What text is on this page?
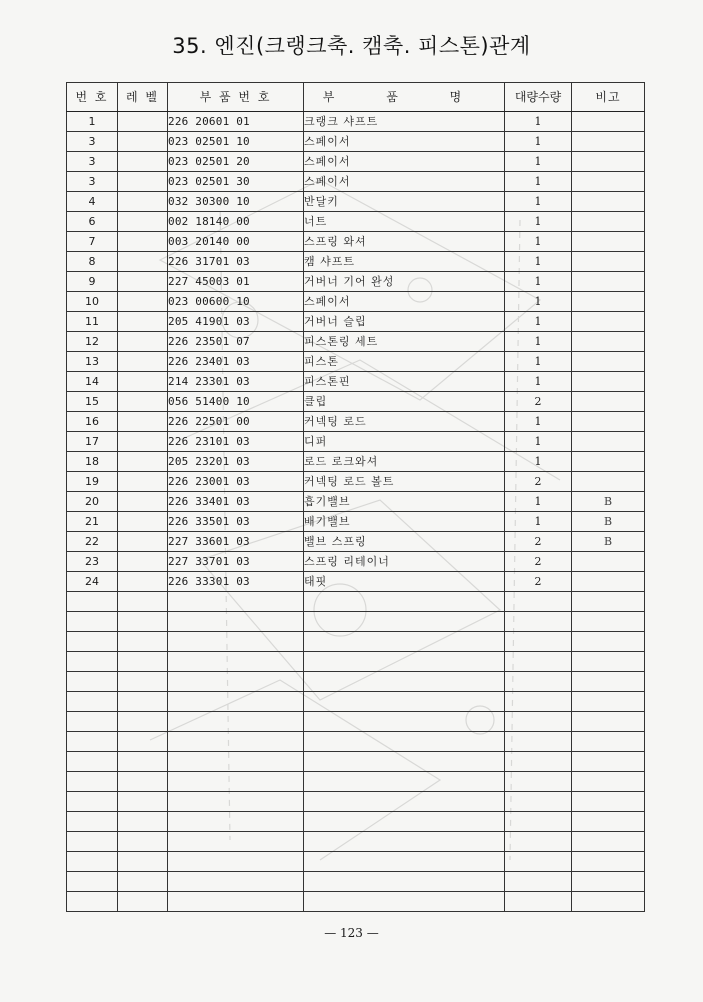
35. 엔진(크랭크축. 캠축. 피스톤)관계
번 호	레 벨	부 품 번 호	부 품 명	대량수량	비고
1		226 20601 01	크랭크 샤프트	1	
3		023 02501 10	스페이서	1	
3		023 02501 20	스페이서	1	
3		023 02501 30	스페이서	1	
4		032 30300 10	반달키	1	
6		002 18140 00	너트	1	
7		003 20140 00	스프링 와셔	1	
8		226 31701 03	캠 샤프트	1	
9		227 45003 01	거버너 기어 완성	1	
10		023 00600 10	스페이서	1	
11		205 41901 03	거버너 슬립	1	
12		226 23501 07	피스톤링 세트	1	
13		226 23401 03	피스톤	1	
14		214 23301 03	피스톤핀	1	
15		056 51400 10	클립	2	
16		226 22501 00	커넥팅 로드	1	
17		226 23101 03	디퍼	1	
18		205 23201 03	로드 로크와셔	1	
19		226 23001 03	커넥팅 로드 볼트	2	
20		226 33401 03	흡기밸브	1	B
21		226 33501 03	배기밸브	1	B
22		227 33601 03	밸브 스프링	2	B
23		227 33701 03	스프링 리테이너	2	
24		226 33301 03	태핏	2	

— 123 —
